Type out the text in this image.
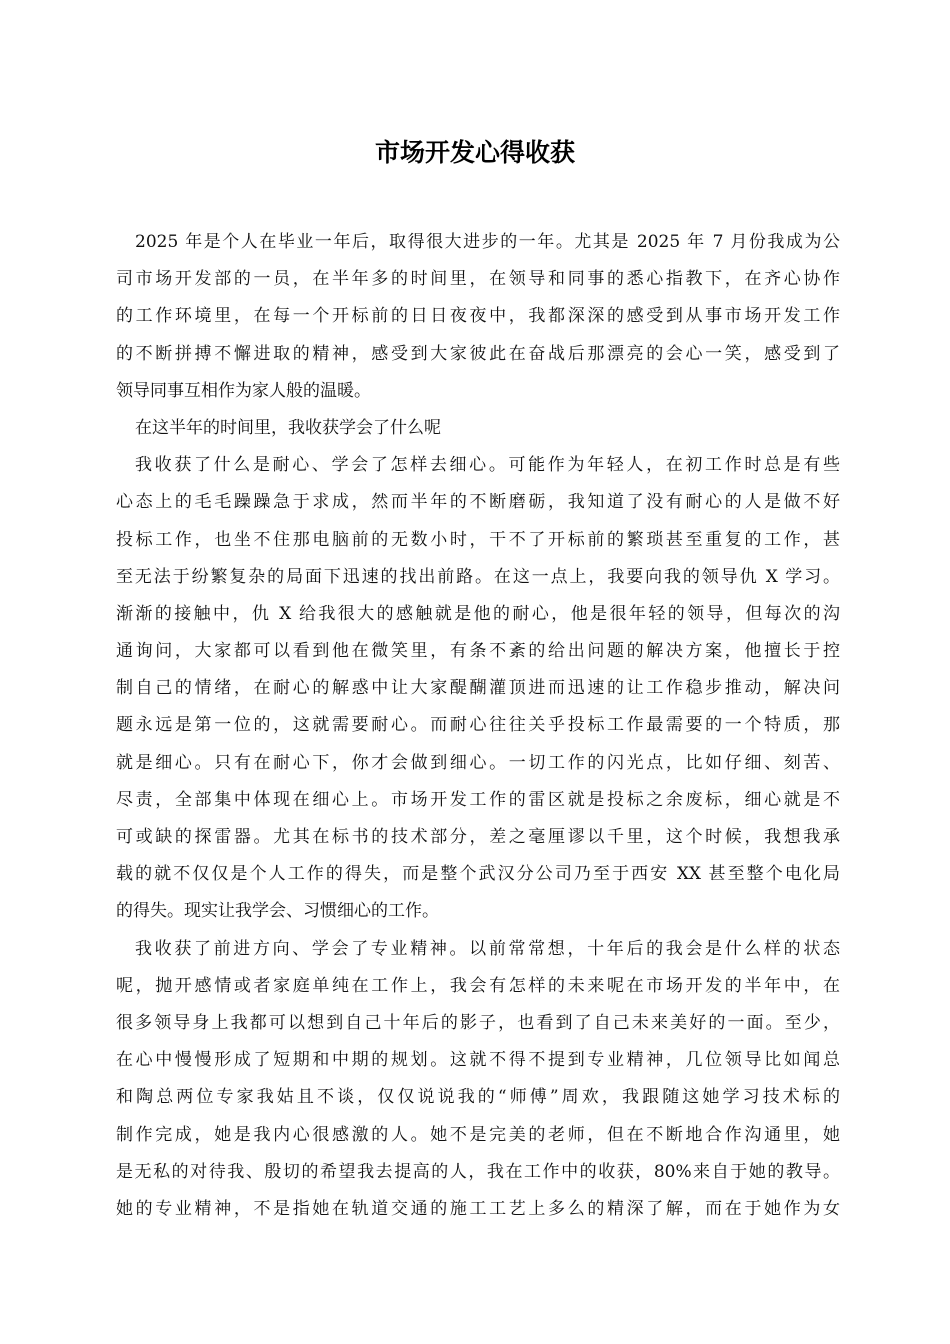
市场开发心得收获
2025 年是个人在毕业一年后，取得很大进步的一年。尤其是 2025 年 7 月份我成为公
司市场开发部的一员，在半年多的时间里，在领导和同事的悉心指教下，在齐心协作
的工作环境里，在每一个开标前的日日夜夜中，我都深深的感受到从事市场开发工作
的不断拼搏不懈进取的精神，感受到大家彼此在奋战后那漂亮的会心一笑，感受到了
领导同事互相作为家人般的温暖。
在这半年的时间里，我收获学会了什么呢
我收获了什么是耐心、学会了怎样去细心。可能作为年轻人，在初工作时总是有些
心态上的毛毛躁躁急于求成，然而半年的不断磨砺，我知道了没有耐心的人是做不好
投标工作，也坐不住那电脑前的无数小时，干不了开标前的繁琐甚至重复的工作，甚
至无法于纷繁复杂的局面下迅速的找出前路。在这一点上，我要向我的领导仇 X 学习。
渐渐的接触中，仇 X 给我很大的感触就是他的耐心，他是很年轻的领导，但每次的沟
通询问，大家都可以看到他在微笑里，有条不紊的给出问题的解决方案，他擅长于控
制自己的情绪，在耐心的解惑中让大家醍醐灌顶进而迅速的让工作稳步推动，解决问
题永远是第一位的，这就需要耐心。而耐心往往关乎投标工作最需要的一个特质，那
就是细心。只有在耐心下，你才会做到细心。一切工作的闪光点，比如仔细、刻苦、
尽责，全部集中体现在细心上。市场开发工作的雷区就是投标之余废标，细心就是不
可或缺的探雷器。尤其在标书的技术部分，差之毫厘谬以千里，这个时候，我想我承
载的就不仅仅是个人工作的得失，而是整个武汉分公司乃至于西安 XX 甚至整个电化局
的得失。现实让我学会、习惯细心的工作。
我收获了前进方向、学会了专业精神。以前常常想，十年后的我会是什么样的状态
呢，抛开感情或者家庭单纯在工作上，我会有怎样的未来呢在市场开发的半年中，在
很多领导身上我都可以想到自己十年后的影子，也看到了自己未来美好的一面。至少，
在心中慢慢形成了短期和中期的规划。这就不得不提到专业精神，几位领导比如闻总
和陶总两位专家我姑且不谈，仅仅说说我的“师傅”周欢，我跟随这她学习技术标的
制作完成，她是我内心很感激的人。她不是完美的老师，但在不断地合作沟通里，她
是无私的对待我、殷切的希望我去提高的人，我在工作中的收获，80%来自于她的教导。
她的专业精神，不是指她在轨道交通的施工工艺上多么的精深了解，而在于她作为女
